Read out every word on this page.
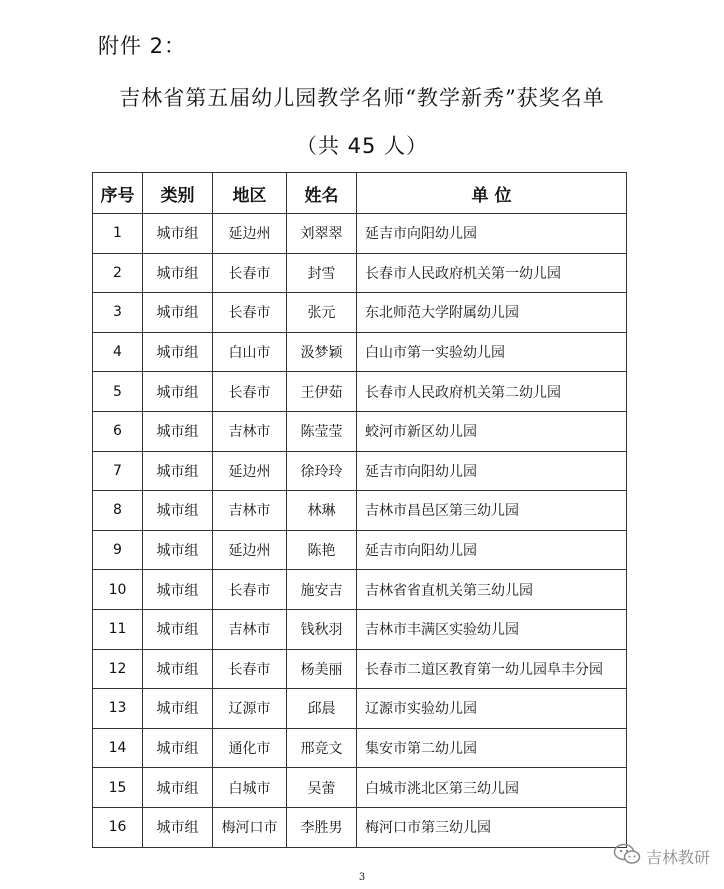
附件 2：
吉林省第五届幼儿园教学名师“教学新秀”获奖名单
（共 45 人）
序号	类别	地区	姓名	单 位
1	城市组	延边州	刘翠翠	延吉市向阳幼儿园
2	城市组	长春市	封雪	长春市人民政府机关第一幼儿园
3	城市组	长春市	张元	东北师范大学附属幼儿园
4	城市组	白山市	汲梦颖	白山市第一实验幼儿园
5	城市组	长春市	王伊茹	长春市人民政府机关第二幼儿园
6	城市组	吉林市	陈莹莹	蛟河市新区幼儿园
7	城市组	延边州	徐玲玲	延吉市向阳幼儿园
8	城市组	吉林市	林琳	吉林市昌邑区第三幼儿园
9	城市组	延边州	陈艳	延吉市向阳幼儿园
10	城市组	长春市	施安吉	吉林省省直机关第三幼儿园
11	城市组	吉林市	钱秋羽	吉林市丰满区实验幼儿园
12	城市组	长春市	杨美丽	长春市二道区教育第一幼儿园阜丰分园
13	城市组	辽源市	邱晨	辽源市实验幼儿园
14	城市组	通化市	邢竞文	集安市第二幼儿园
15	城市组	白城市	吴蕾	白城市洮北区第三幼儿园
16	城市组	梅河口市	李胜男	梅河口市第三幼儿园
3
吉林教研
